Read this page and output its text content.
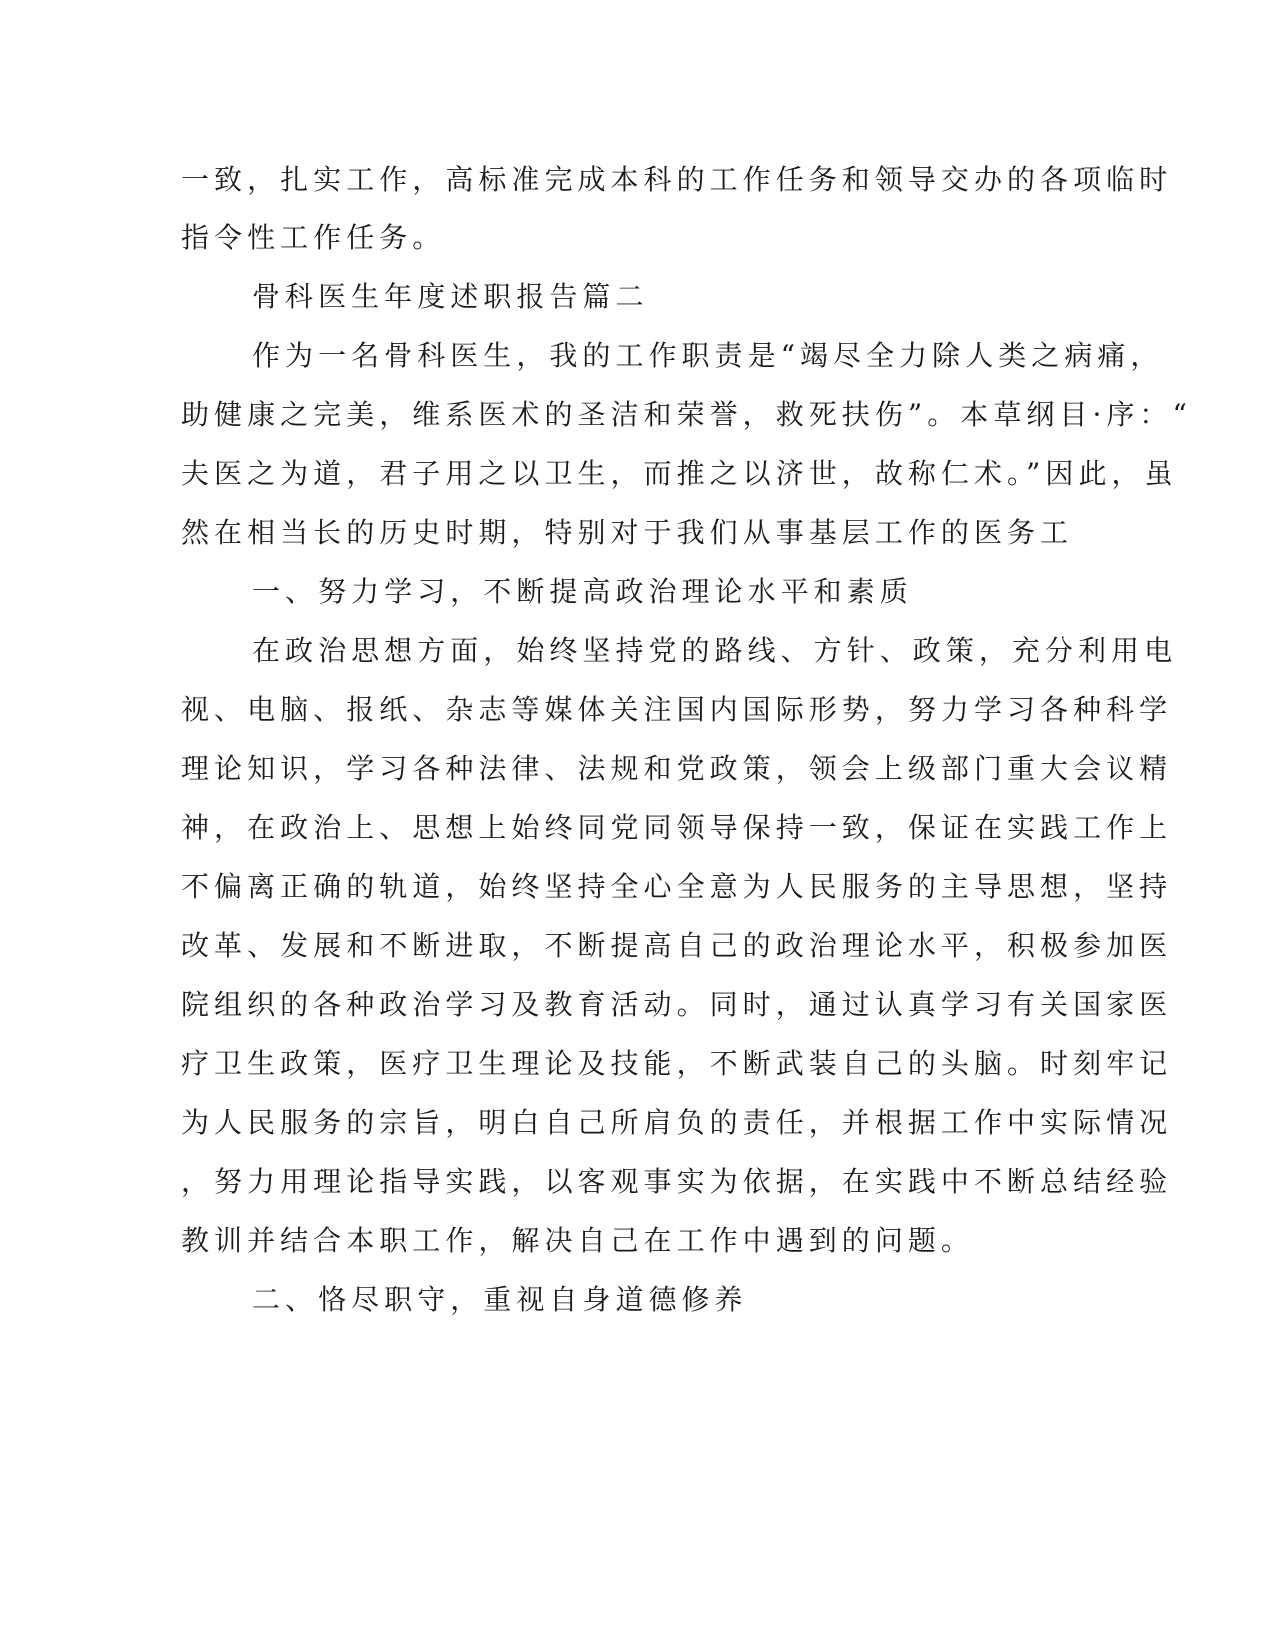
一致，扎实工作，高标准完成本科的工作任务和领导交办的各项临时
指令性工作任务。
骨科医生年度述职报告篇二
作为一名骨科医生，我的工作职责是“竭尽全力除人类之病痛，
助健康之完美，维系医术的圣洁和荣誉，救死扶伤”。本草纲目·序：“
夫医之为道，君子用之以卫生，而推之以济世，故称仁术。”因此，虽
然在相当长的历史时期，特别对于我们从事基层工作的医务工
一、努力学习，不断提高政治理论水平和素质
在政治思想方面，始终坚持党的路线、方针、政策，充分利用电
视、电脑、报纸、杂志等媒体关注国内国际形势，努力学习各种科学
理论知识，学习各种法律、法规和党政策，领会上级部门重大会议精
神，在政治上、思想上始终同党同领导保持一致，保证在实践工作上
不偏离正确的轨道，始终坚持全心全意为人民服务的主导思想，坚持
改革、发展和不断进取，不断提高自己的政治理论水平，积极参加医
院组织的各种政治学习及教育活动。同时，通过认真学习有关国家医
疗卫生政策，医疗卫生理论及技能，不断武装自己的头脑。时刻牢记
为人民服务的宗旨，明白自己所肩负的责任，并根据工作中实际情况
，努力用理论指导实践，以客观事实为依据，在实践中不断总结经验
教训并结合本职工作，解决自己在工作中遇到的问题。
二、恪尽职守，重视自身道德修养
